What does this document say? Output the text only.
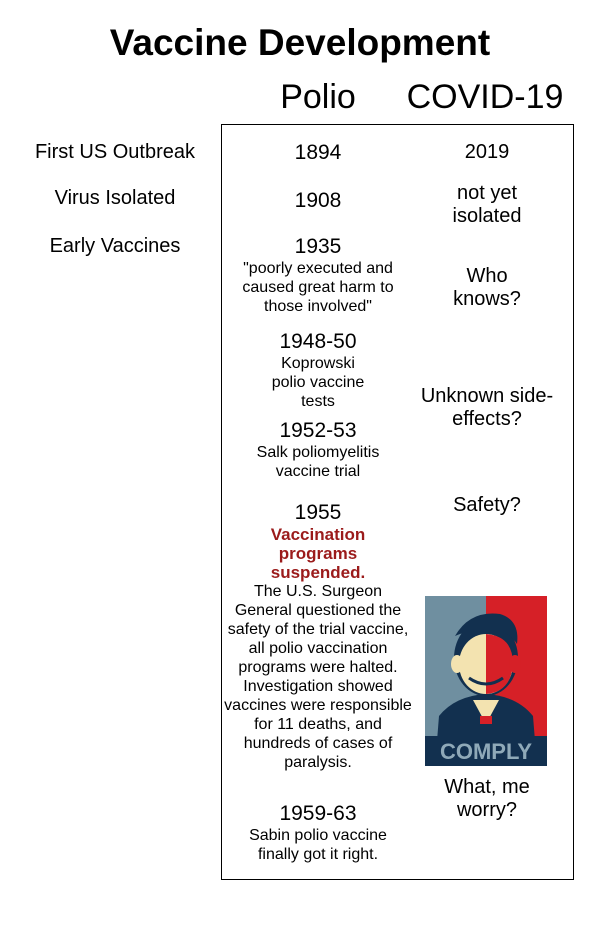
Vaccine Development
Polio	COVID-19
First US Outbreak
Virus Isolated
Early Vaccines
1894
1908
1935
"poorly executed and caused great harm to those involved"
1948-50
Koprowski polio vaccine tests
1952-53
Salk poliomyelitis vaccine trial
1955
Vaccination programs suspended.
The U.S. Surgeon General questioned the safety of the trial vaccine, all polio vaccination programs were halted. Investigation showed vaccines were responsible for 11 deaths, and hundreds of cases of paralysis.
1959-63
Sabin polio vaccine finally got it right.
2019
not yet isolated
Who knows?
Unknown side-effects?
Safety?
COMPLY
What, me worry?
